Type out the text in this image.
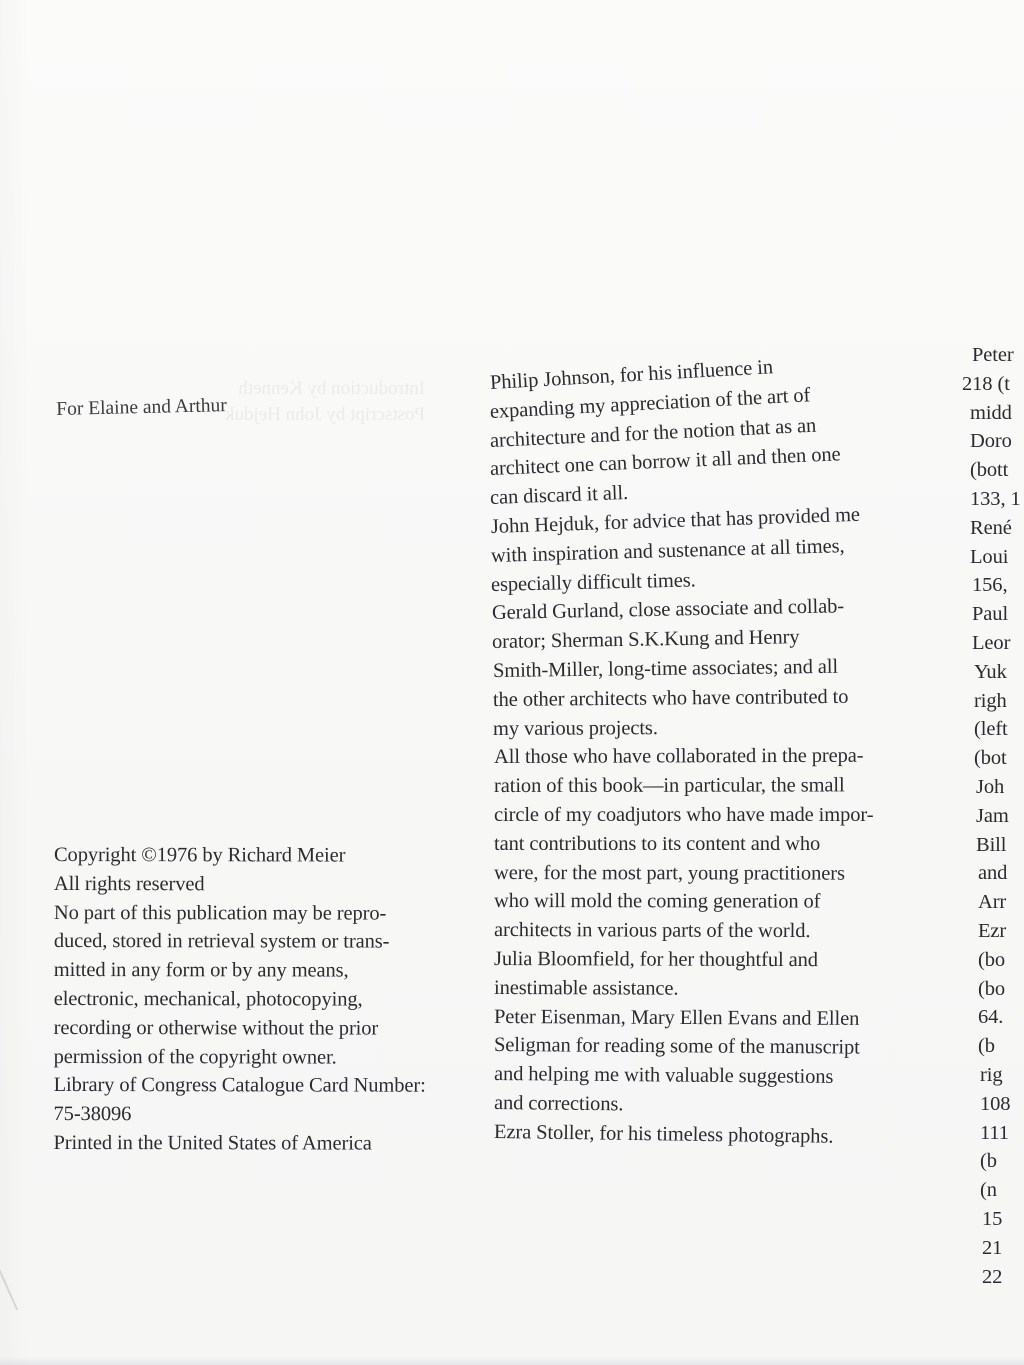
Introduction by Kenneth
Postscript by John Hejduk
For Elaine and Arthur
Copyright ©1976 by Richard Meier
All rights reserved
No part of this publication may be repro-
duced, stored in retrieval system or trans-
mitted in any form or by any means,
electronic, mechanical, photocopying,
recording or otherwise without the prior
permission of the copyright owner.
Library of Congress Catalogue Card Number:
75-38096
Printed in the United States of America
Philip Johnson, for his influence in
expanding my appreciation of the art of
architecture and for the notion that as an
architect one can borrow it all and then one
can discard it all.
John Hejduk, for advice that has provided me
with inspiration and sustenance at all times,
especially difficult times.
Gerald Gurland, close associate and collab-
orator; Sherman S.K.Kung and Henry
Smith-Miller, long-time associates; and all
the other architects who have contributed to
my various projects.
All those who have collaborated in the prepa-
ration of this book—in particular, the small
circle of my coadjutors who have made impor-
tant contributions to its content and who
were, for the most part, young practitioners
who will mold the coming generation of
architects in various parts of the world.
Julia Bloomfield, for her thoughtful and
inestimable assistance.
Peter Eisenman, Mary Ellen Evans and Ellen
Seligman for reading some of the manuscript
and helping me with valuable suggestions
and corrections.
Ezra Stoller, for his timeless photographs.
Peter
218 (t
midd
Doro
(bott
133, 1
René
Loui
156,
Paul
Leor
Yuk
righ
(left
(bot
Joh
Jam
Bill
and
Arr
Ezr
(bo
(bo
64.
(b
rig
108
111
(b
(n
15
21
22
